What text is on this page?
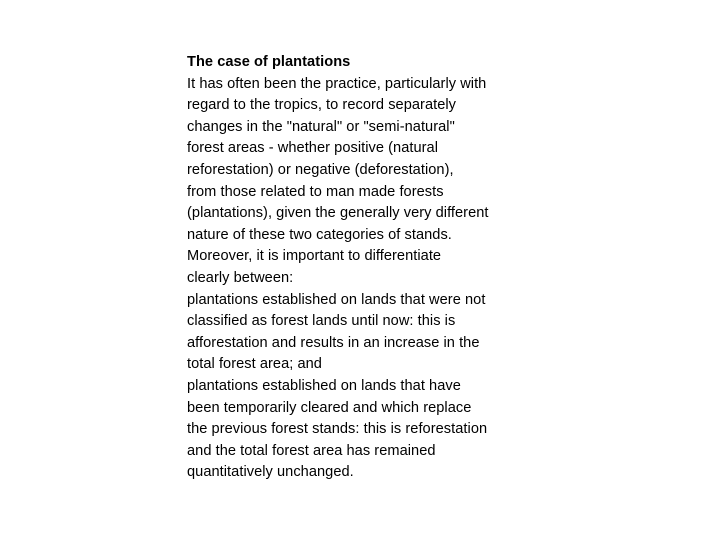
The case of plantations
It has often been the practice, particularly with
regard to the tropics, to record separately
changes in the "natural" or "semi-natural"
forest areas - whether positive (natural
reforestation) or negative (deforestation),
from those related to man made forests
(plantations), given the generally very different
nature of these two categories of stands.
Moreover, it is important to differentiate
clearly between:
plantations established on lands that were not
classified as forest lands until now: this is
afforestation and results in an increase in the
total forest area; and
plantations established on lands that have
been temporarily cleared and which replace
the previous forest stands: this is reforestation
and the total forest area has remained
quantitatively unchanged.
